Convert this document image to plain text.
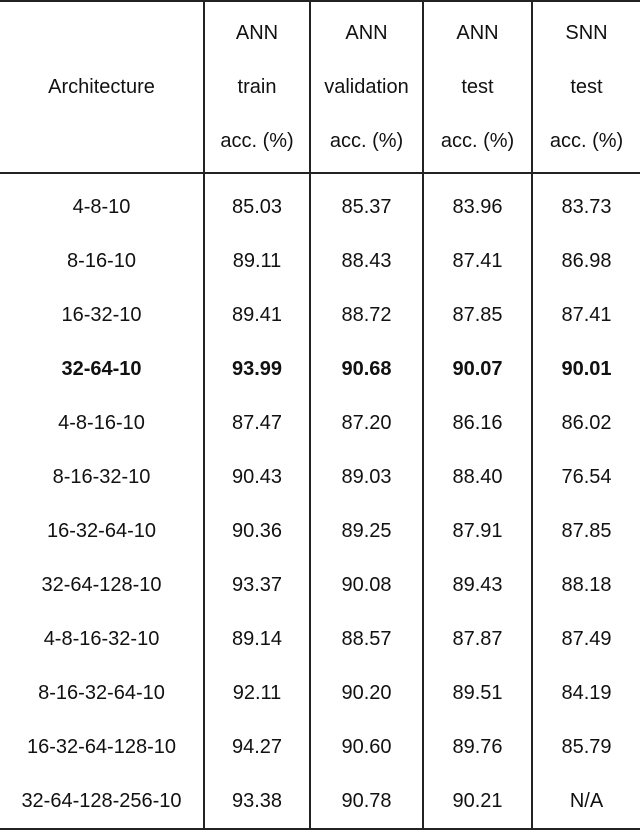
Architecture	ANN
train
acc. (%)	ANN
validation
acc. (%)	ANN
test
acc. (%)	SNN
test
acc. (%)

4-8-10	85.03	85.37	83.96	83.73
8-16-10	89.11	88.43	87.41	86.98
16-32-10	89.41	88.72	87.85	87.41
32-64-10	93.99	90.68	90.07	90.01
4-8-16-10	87.47	87.20	86.16	86.02
8-16-32-10	90.43	89.03	88.40	76.54
16-32-64-10	90.36	89.25	87.91	87.85
32-64-128-10	93.37	90.08	89.43	88.18
4-8-16-32-10	89.14	88.57	87.87	87.49
8-16-32-64-10	92.11	90.20	89.51	84.19
16-32-64-128-10	94.27	90.60	89.76	85.79
32-64-128-256-10	93.38	90.78	90.21	N/A
